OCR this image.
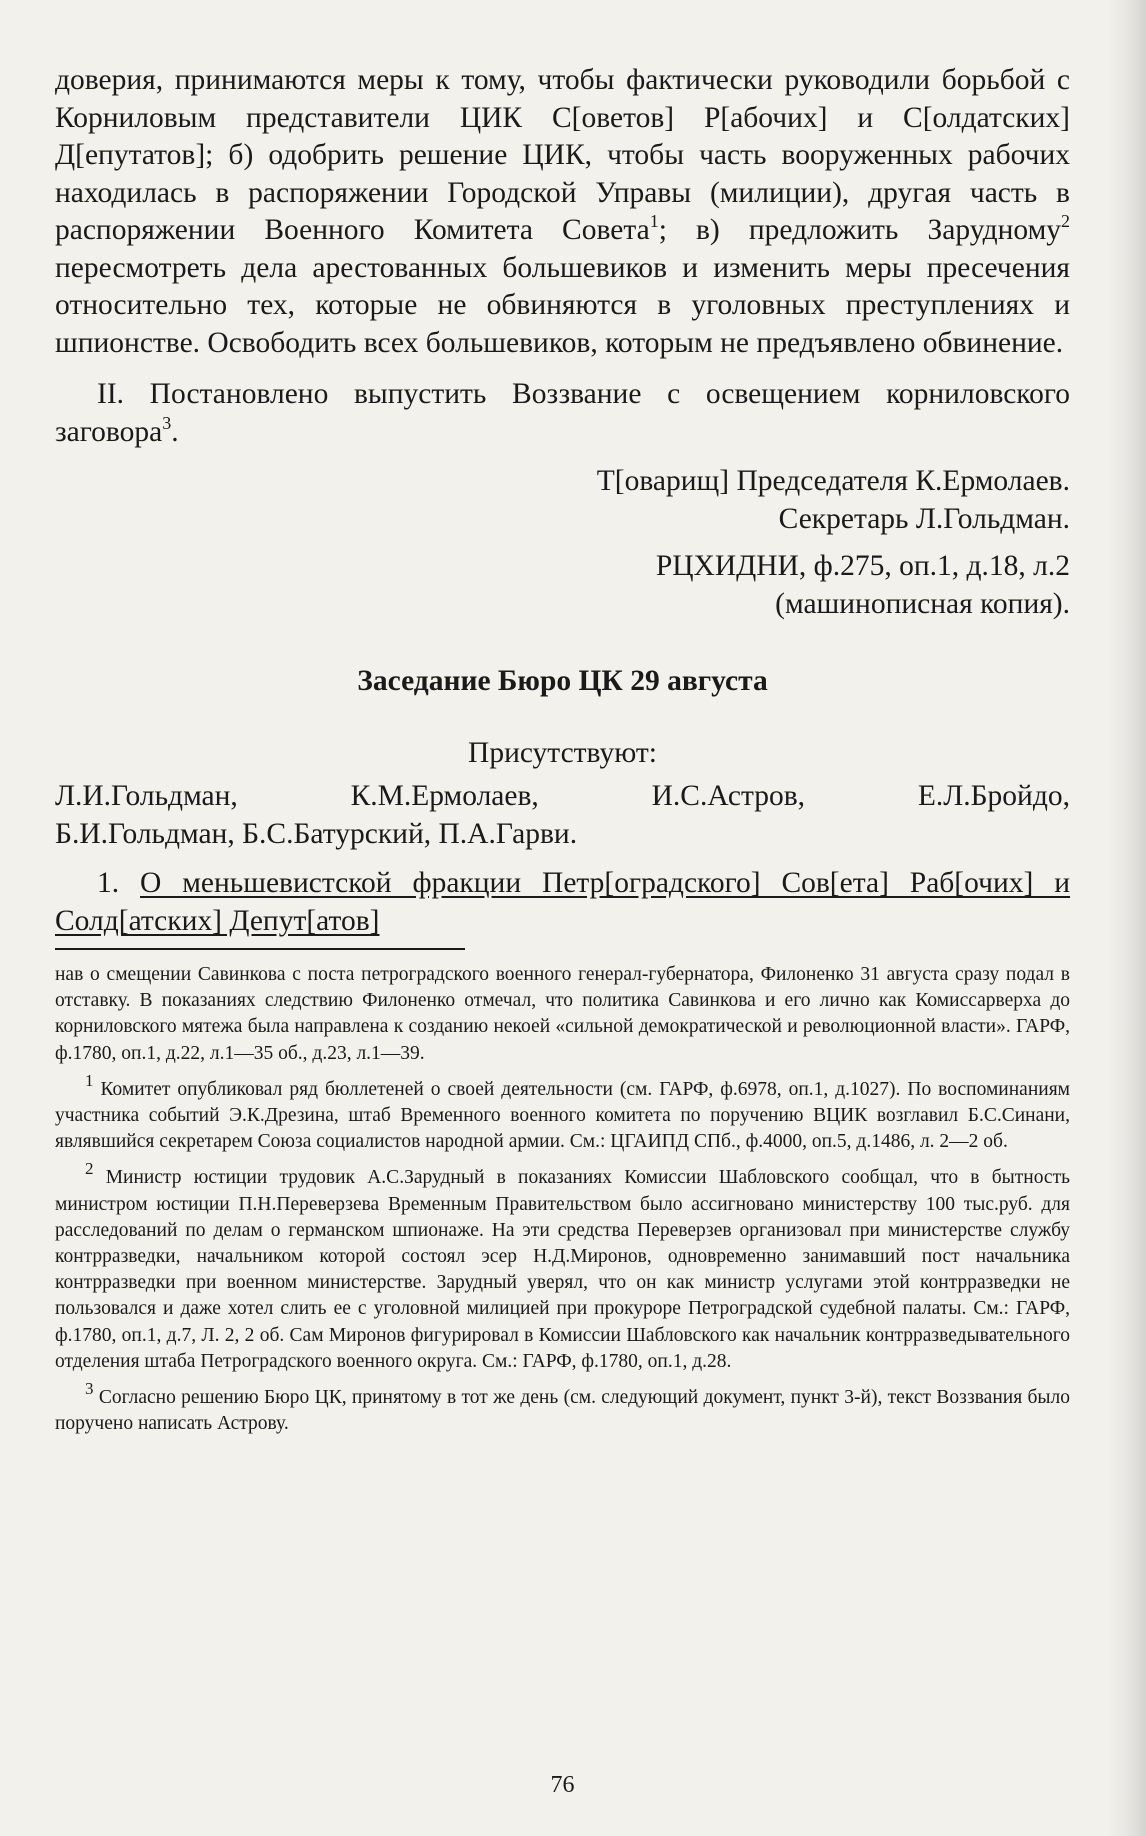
доверия, принимаются меры к тому, чтобы фактически руководили борьбой с Корниловым представители ЦИК С[оветов] Р[абочих] и С[олдатских] Д[епутатов]; б) одобрить решение ЦИК, чтобы часть вооруженных рабочих находилась в распоряжении Городской Управы (милиции), другая часть в распоряжении Военного Комитета Совета$^1$; в) предложить Зарудному$^2$ пересмотреть дела арестованных большевиков и изменить меры пресечения относительно тех, которые не обвиняются в уголовных преступлениях и шпионстве. Освободить всех большевиков, которым не предъявлено обвинение.

II. Постановлено выпустить Воззвание с освещением корниловского заговора$^3$.

Т[оварищ] Председателя К.Ермолаев.
Секретарь Л.Гольдман.
РЦХИДНИ, ф.275, оп.1, д.18, л.2
(машинописная копия).
Заседание Бюро ЦК 29 августа
Присутствуют:
Л.И.Гольдман,	К.М.Ермолаев,	И.С.Астров,	Е.Л.Бройдо,
Б.И.Гольдман, Б.С.Батурский, П.А.Гарви.
1. О меньшевистской фракции Петр[оградского] Сов[ета] Раб[очих] и Солд[атских] Депут[атов]

нав о смещении Савинкова с поста петроградского военного генерал-губернатора, Филоненко 31 августа сразу подал в отставку. В показаниях следствию Филоненко отмечал, что политика Савинкова и его лично как Комиссарверха до корниловского мятежа была направлена к созданию некоей «сильной демократической и революционной власти». ГАРФ, ф.1780, оп.1, д.22, л.1—35 об., д.23, л.1—39.

1 Комитет опубликовал ряд бюллетеней о своей деятельности (см. ГАРФ, ф.6978, оп.1, д.1027). По воспоминаниям участника событий Э.К.Дрезина, штаб Временного военного комитета по поручению ВЦИК возглавил Б.С.Синани, являвшийся секретарем Союза социалистов народной армии. См.: ЦГАИПД СПб., ф.4000, оп.5, д.1486, л. 2—2 об.

2 Министр юстиции трудовик А.С.Зарудный в показаниях Комиссии Шабловского сообщал, что в бытность министром юстиции П.Н.Переверзева Временным Правительством было ассигновано министерству 100 тыс.руб. для расследований по делам о германском шпионаже. На эти средства Переверзев организовал при министерстве службу контрразведки, начальником которой состоял эсер Н.Д.Миронов, одновременно занимавший пост начальника контрразведки при военном министерстве. Зарудный уверял, что он как министр услугами этой контрразведки не пользовался и даже хотел слить ее с уголовной милицией при прокуроре Петроградской судебной палаты. См.: ГАРФ, ф.1780, оп.1, д.7, Л. 2, 2 об. Сам Миронов фигурировал в Комиссии Шабловского как начальник контрразведывательного отделения штаба Петроградского военного округа. См.: ГАРФ, ф.1780, оп.1, д.28.

3 Согласно решению Бюро ЦК, принятому в тот же день (см. следующий документ, пункт 3-й), текст Воззвания было поручено написать Астрову.

76
